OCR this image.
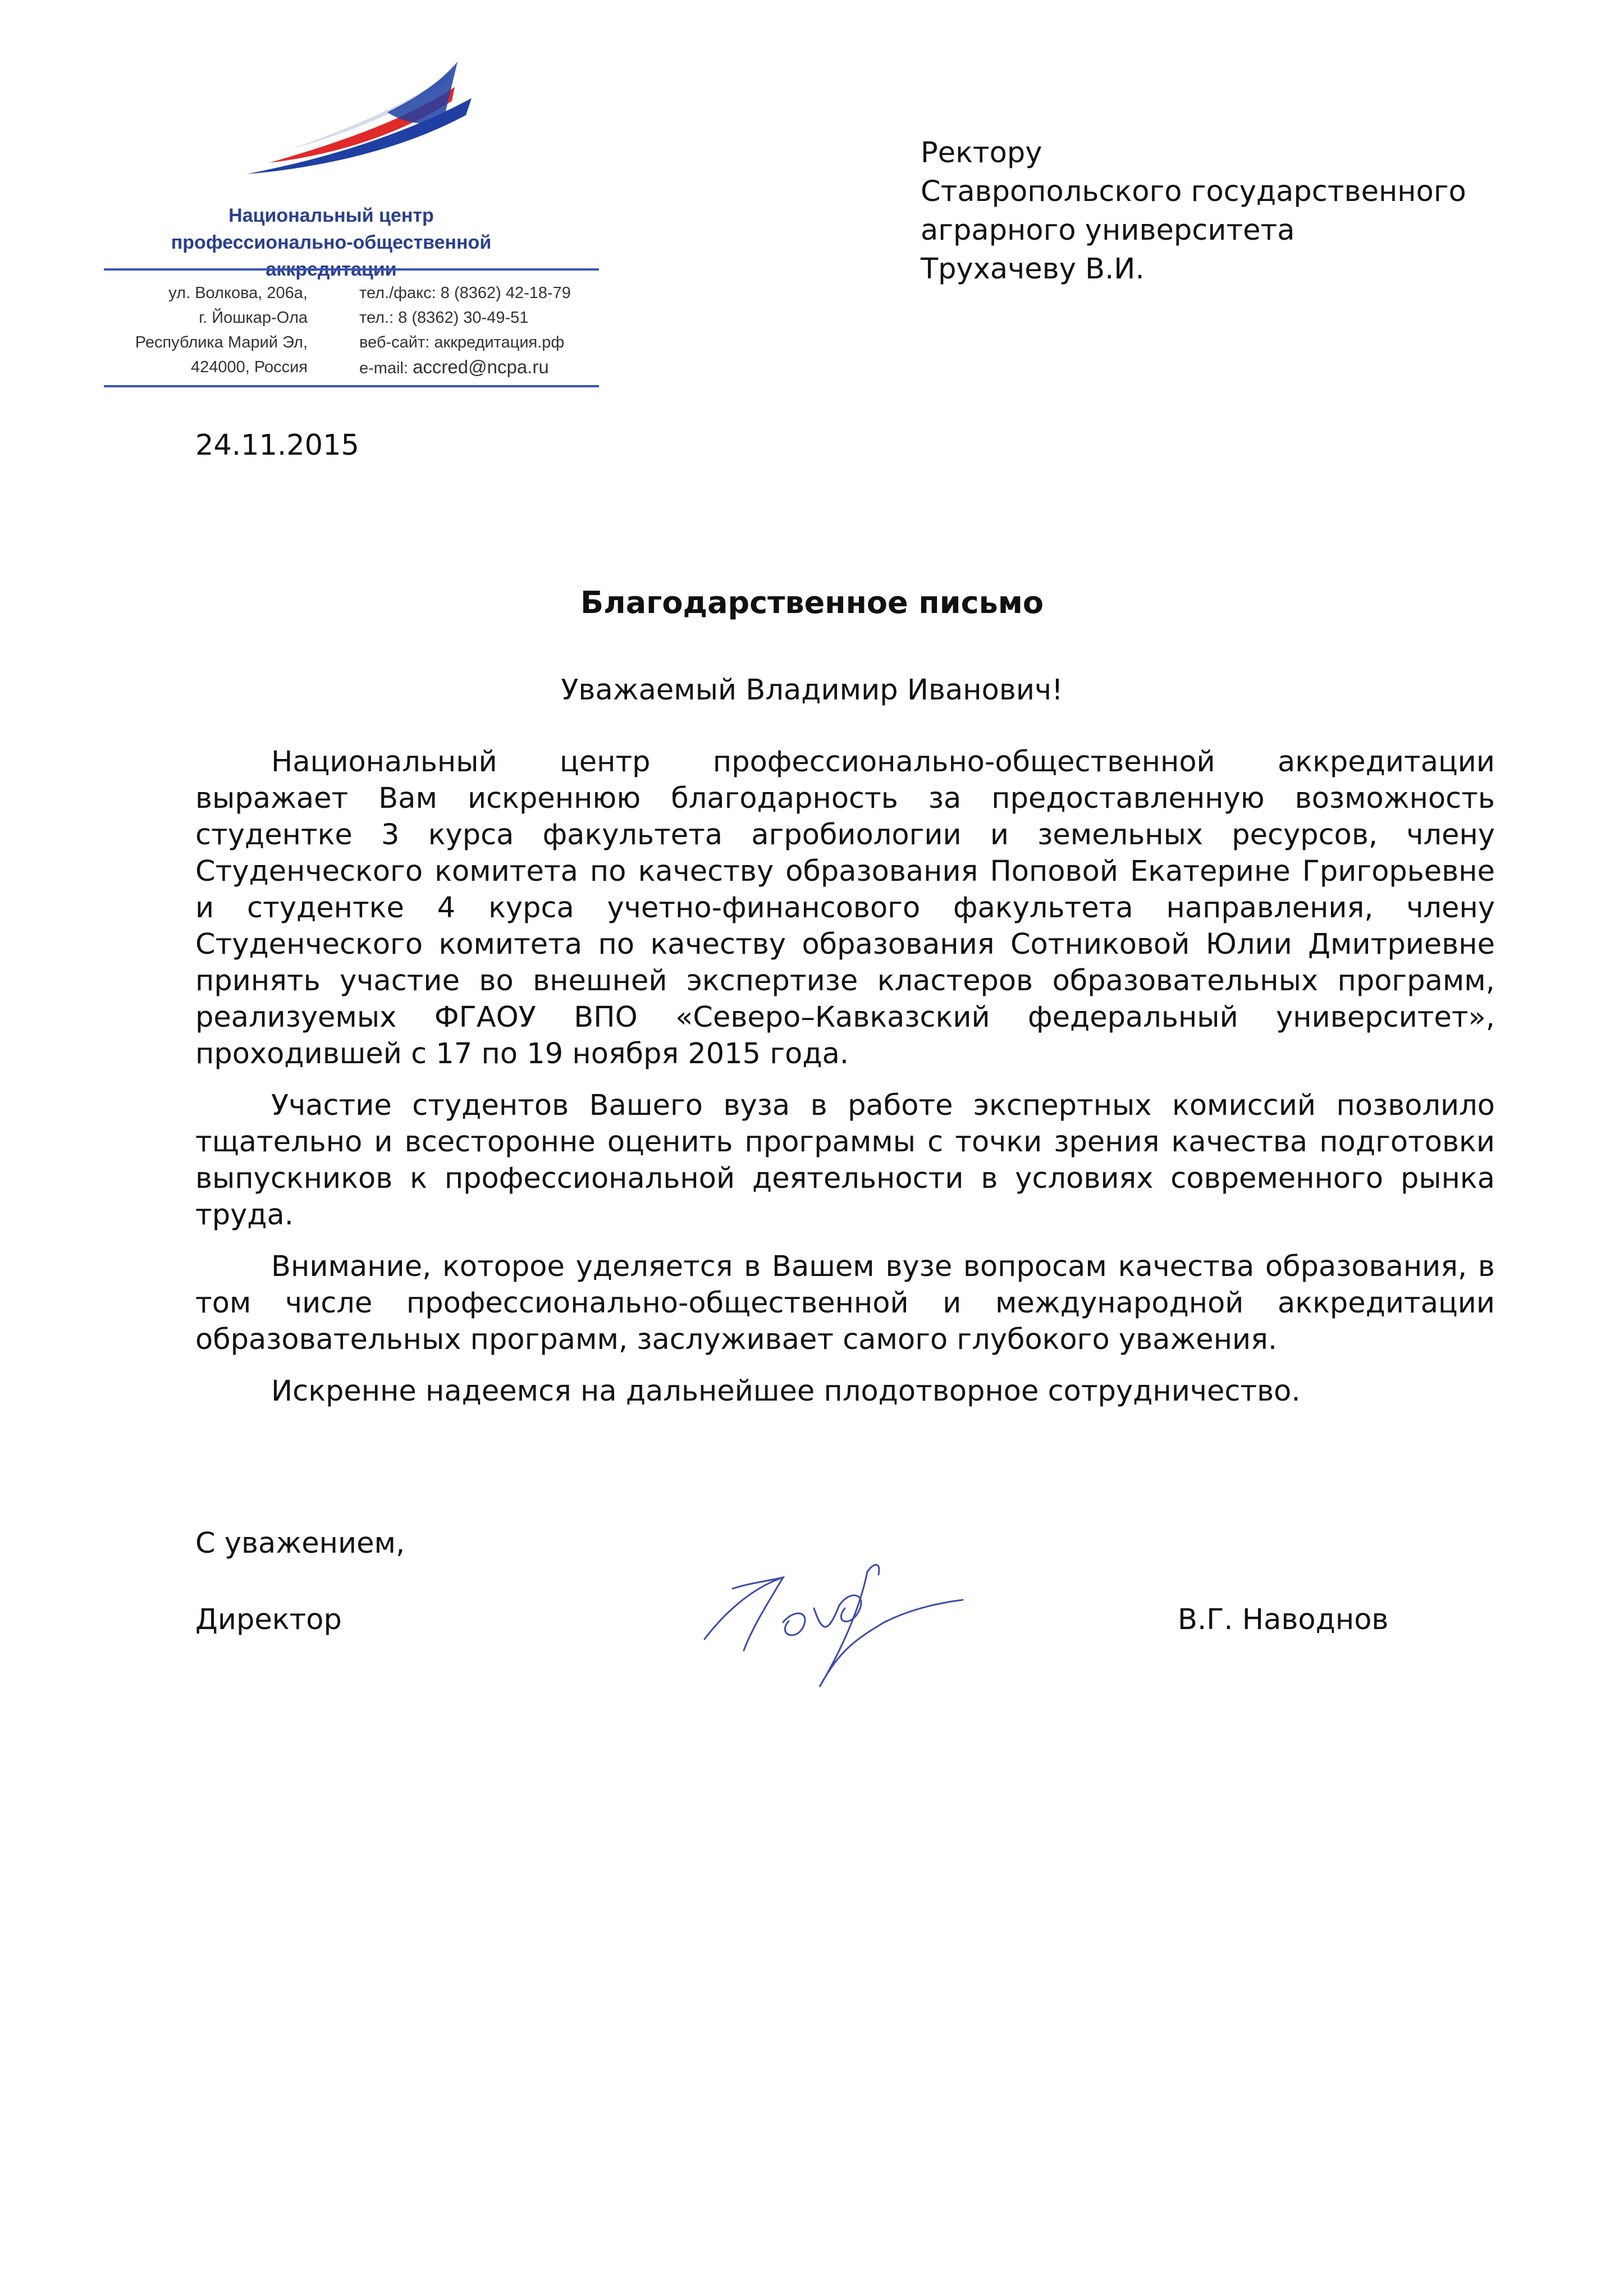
Национальный центр
профессионально-общественной
аккредитации
ул. Волкова, 206а,
г. Йошкар-Ола
Республика Марий Эл,
424000, Россия
тел./факс: 8 (8362) 42-18-79
тел.: 8 (8362) 30-49-51
веб-сайт: аккредитация.рф
e-mail: accred@ncpa.ru
Ректору
Ставропольского государственного
аграрного университета
Трухачеву В.И.
24.11.2015
Благодарственное письмо
Уважаемый Владимир Иванович!

Национальный центр профессионально-общественной аккредитации выражает Вам искреннюю благодарность за предоставленную возможность студентке 3 курса факультета агробиологии и земельных ресурсов, члену Студенческого комитета по качеству образования Поповой Екатерине Григорьевне и студентке 4 курса учетно-финансового факультета направления, члену Студенческого комитета по качеству образования Сотниковой Юлии Дмитриевне принять участие во внешней экспертизе кластеров образовательных программ, реализуемых ФГАОУ ВПО «Северо–Кавказский федеральный университет», проходившей с 17 по 19 ноября 2015 года.

Участие студентов Вашего вуза в работе экспертных комиссий позволило тщательно и всесторонне оценить программы с точки зрения качества подготовки выпускников к профессиональной деятельности в условиях современного рынка труда.

Внимание, которое уделяется в Вашем вузе вопросам качества образования, в том числе профессионально-общественной и международной аккредитации образовательных программ, заслуживает самого глубокого уважения.

Искренне надеемся на дальнейшее плодотворное сотрудничество.

С уважением,
Директор	В.Г. Наводнов
